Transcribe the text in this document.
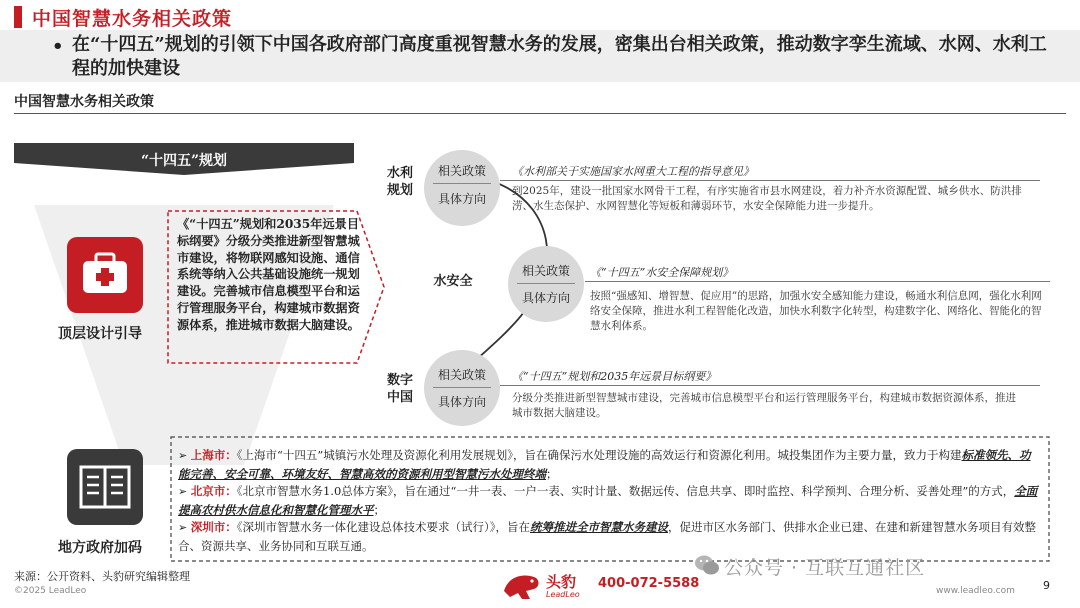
中国智慧水务相关政策
• 在“十四五”规划的引领下中国各政府部门高度重视智慧水务的发展，密集出台相关政策，推动数字孪生流域、水网、水利工程的加快建设
中国智慧水务相关政策
“十四五”规划
顶层设计引导
《“十四五”规划和2035年远景目标纲要》分级分类推进新型智慧城市建设，将物联网感知设施、通信系统等纳入公共基础设施统一规划建设。完善城市信息模型平台和运行管理服务平台，构建城市数据资源体系，推进城市数据大脑建设。
水利规划
相关政策
具体方向
《水利部关于实施国家水网重大工程的指导意见》
到2025年，建设一批国家水网骨干工程，有序实施省市县水网建设，着力补齐水资源配置、城乡供水、防洪排涝、水生态保护、水网智慧化等短板和薄弱环节，水安全保障能力进一步提升。
水安全
相关政策
具体方向
《“十四五”水安全保障规划》
按照“强感知、增智慧、促应用”的思路，加强水安全感知能力建设，畅通水利信息网，强化水利网络安全保障，推进水利工程智能化改造，加快水利数字化转型，构建数字化、网络化、智能化的智慧水利体系。
数字中国
相关政策
具体方向
《“十四五”规划和2035年远景目标纲要》
分级分类推进新型智慧城市建设，完善城市信息模型平台和运行管理服务平台，构建城市数据资源体系，推进城市数据大脑建设。
地方政府加码
➢ 上海市：《上海市“十四五”城镇污水处理及资源化利用发展规划》，旨在确保污水处理设施的高效运行和资源化利用。城投集团作为主要力量，致力于构建标准领先、功能完善、安全可靠、环境友好、智慧高效的资源利用型智慧污水处理终端；
➢ 北京市：《北京市智慧水务1.0总体方案》，旨在通过“一井一表、一户一表、实时计量、数据远传、信息共享、即时监控、科学预判、合理分析、妥善处理”的方式，全面提高农村供水信息化和智慧化管理水平；
➢ 深圳市：《深圳市智慧水务一体化建设总体技术要求（试行）》，旨在统筹推进全市智慧水务建设，促进市区水务部门、供排水企业已建、在建和新建智慧水务项目有效整合、资源共享、业务协同和互联互通。
来源：公开资料、头豹研究编辑整理
©2025 LeadLeo	头豹
LeadLeo
400-072-5588
公众号 · 互联互通社区
www.leadleo.com	9
